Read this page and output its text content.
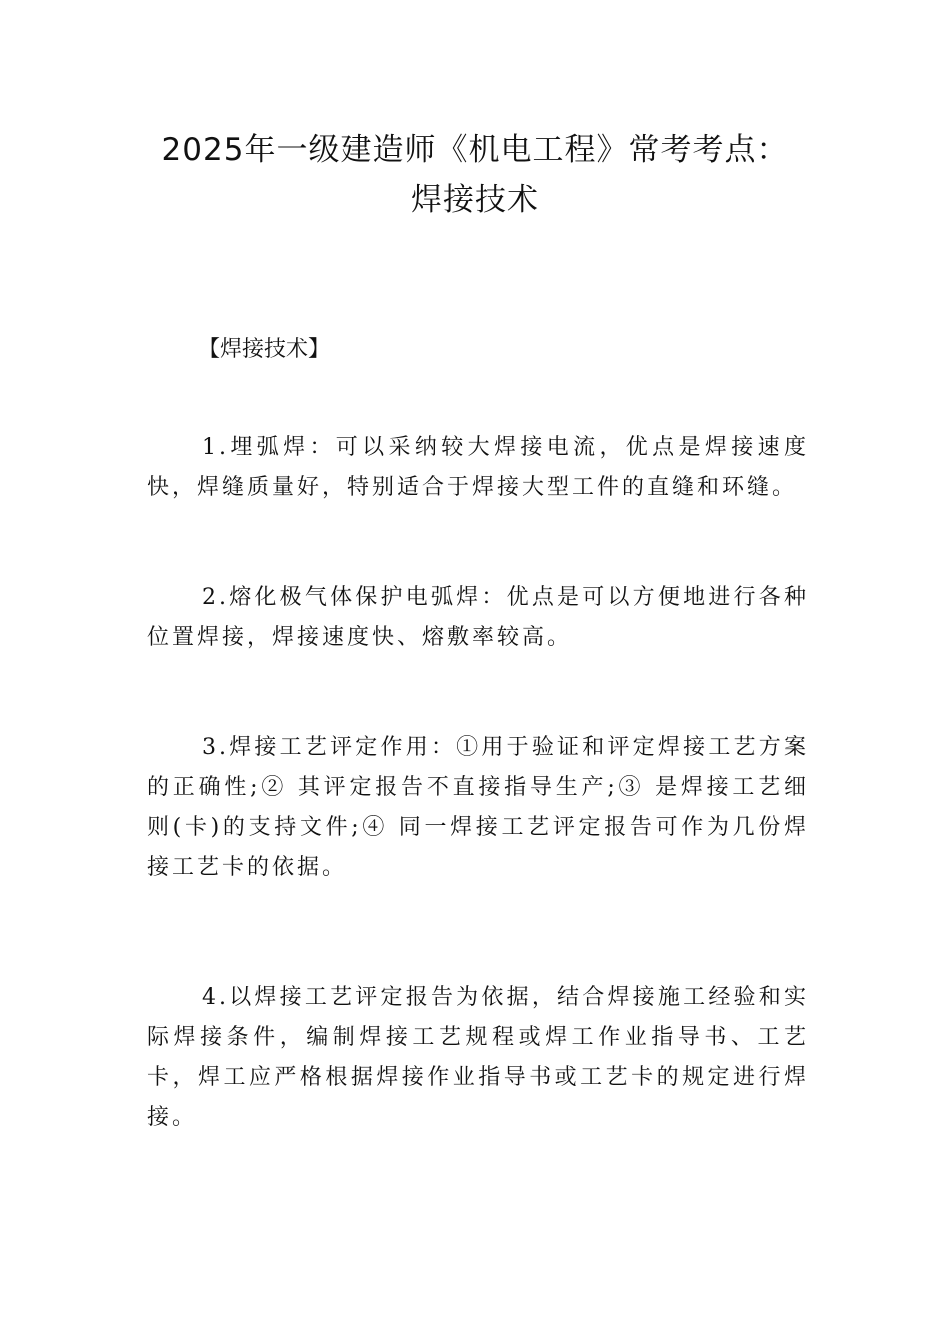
2025年一级建造师《机电工程》常考考点：
焊接技术
【焊接技术】

1.埋弧焊：可以采纳较大焊接电流，优点是焊接速度快，焊缝质量好，特别适合于焊接大型工件的直缝和环缝。

2.熔化极气体保护电弧焊：优点是可以方便地进行各种位置焊接，焊接速度快、熔敷率较高。

3.焊接工艺评定作用：①用于验证和评定焊接工艺方案的正确性;② 其评定报告不直接指导生产;③ 是焊接工艺细则(卡)的支持文件;④ 同一焊接工艺评定报告可作为几份焊接工艺卡的依据。

4.以焊接工艺评定报告为依据，结合焊接施工经验和实际焊接条件，编制焊接工艺规程或焊工作业指导书、工艺卡，焊工应严格根据焊接作业指导书或工艺卡的规定进行焊接。
